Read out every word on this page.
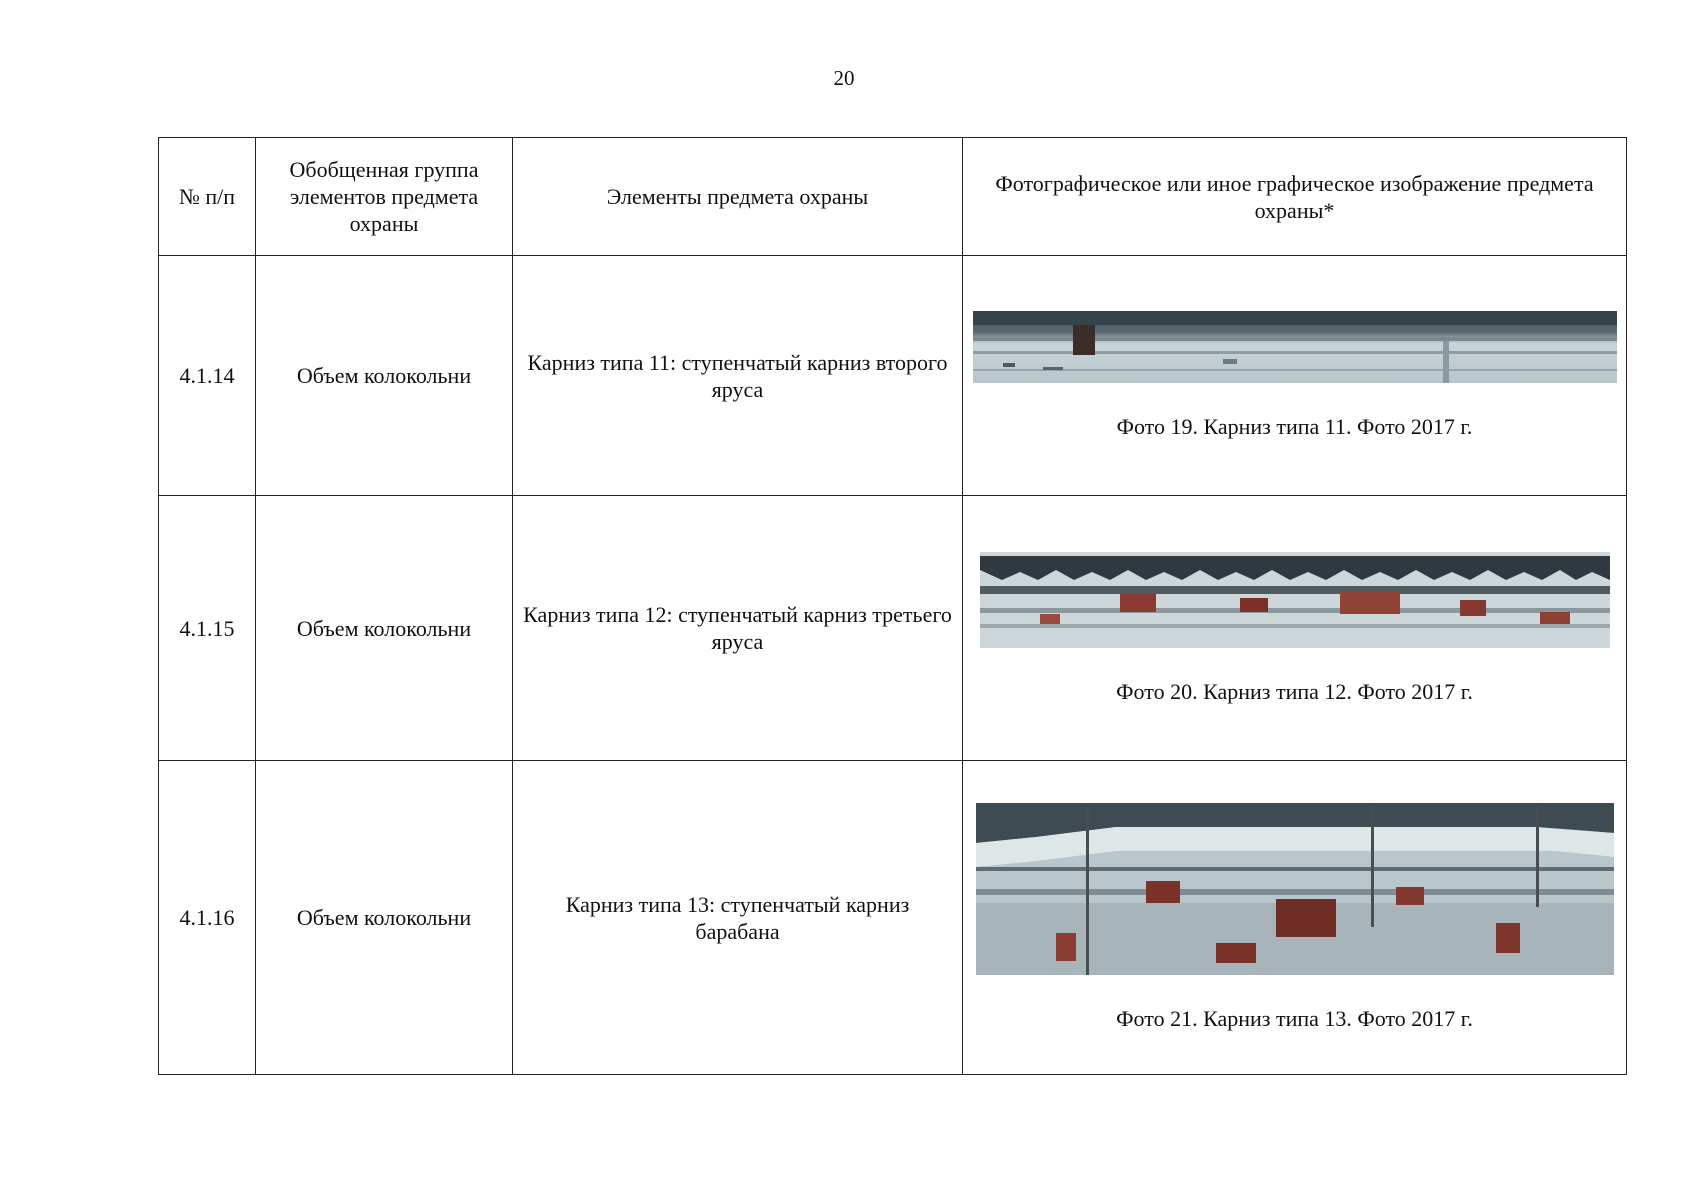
20
№ п/п	Обобщенная группа элементов предмета охраны	Элементы предмета охраны	Фотографическое или иное графическое изображение предмета охраны*
4.1.14	Объем колокольни	Карниз типа 11: ступенчатый карниз второго яруса	Фото 19. Карниз типа 11. Фото 2017 г.

4.1.15	Объем колокольни	Карниз типа 12: ступенчатый карниз третьего яруса	Фото 20. Карниз типа 12. Фото 2017 г.

4.1.16	Объем колокольни	Карниз типа 13: ступенчатый карниз барабана	Фото 21. Карниз типа 13. Фото 2017 г.
